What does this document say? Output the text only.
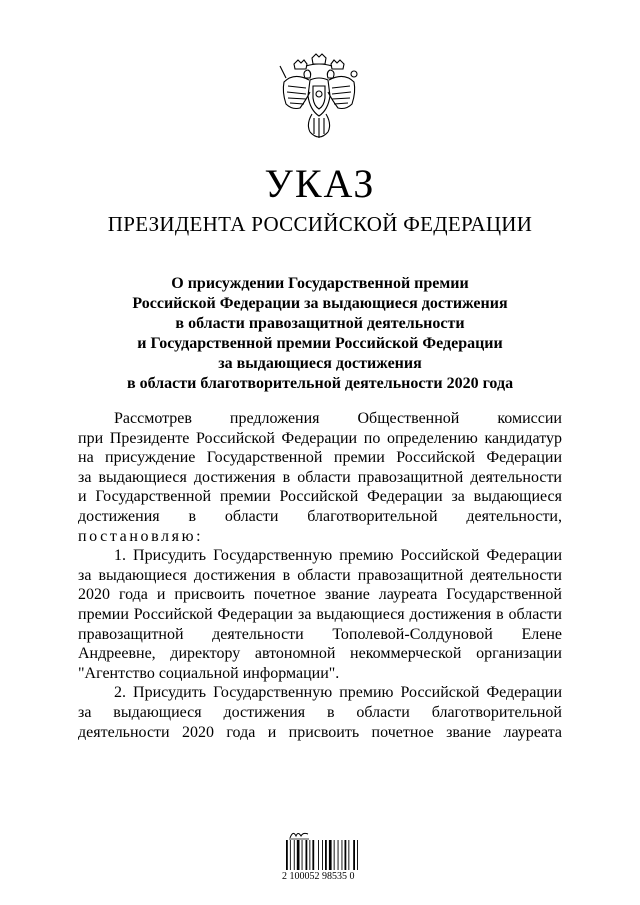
УКАЗ
ПРЕЗИДЕНТА РОССИЙСКОЙ ФЕДЕРАЦИИ
О присуждении Государственной премии
Российской Федерации за выдающиеся достижения
в области правозащитной деятельности
и Государственной премии Российской Федерации
за выдающиеся достижения
в области благотворительной деятельности 2020 года
Рассмотрев предложения Общественной комиссии
при Президенте Российской Федерации по определению кандидатур
на присуждение Государственной премии Российской Федерации
за выдающиеся достижения в области правозащитной деятельности
и Государственной премии Российской Федерации за выдающиеся
достижения в области благотворительной деятельности,
постановляю:
1. Присудить Государственную премию Российской Федерации
за выдающиеся достижения в области правозащитной деятельности
2020 года и присвоить почетное звание лауреата Государственной
премии Российской Федерации за выдающиеся достижения в области
правозащитной деятельности Тополевой-Солдуновой Елене
Андреевне, директору автономной некоммерческой организации
"Агентство социальной информации".
2. Присудить Государственную премию Российской Федерации
за выдающиеся достижения в области благотворительной
деятельности 2020 года и присвоить почетное звание лауреата
2 100052 98535 0
